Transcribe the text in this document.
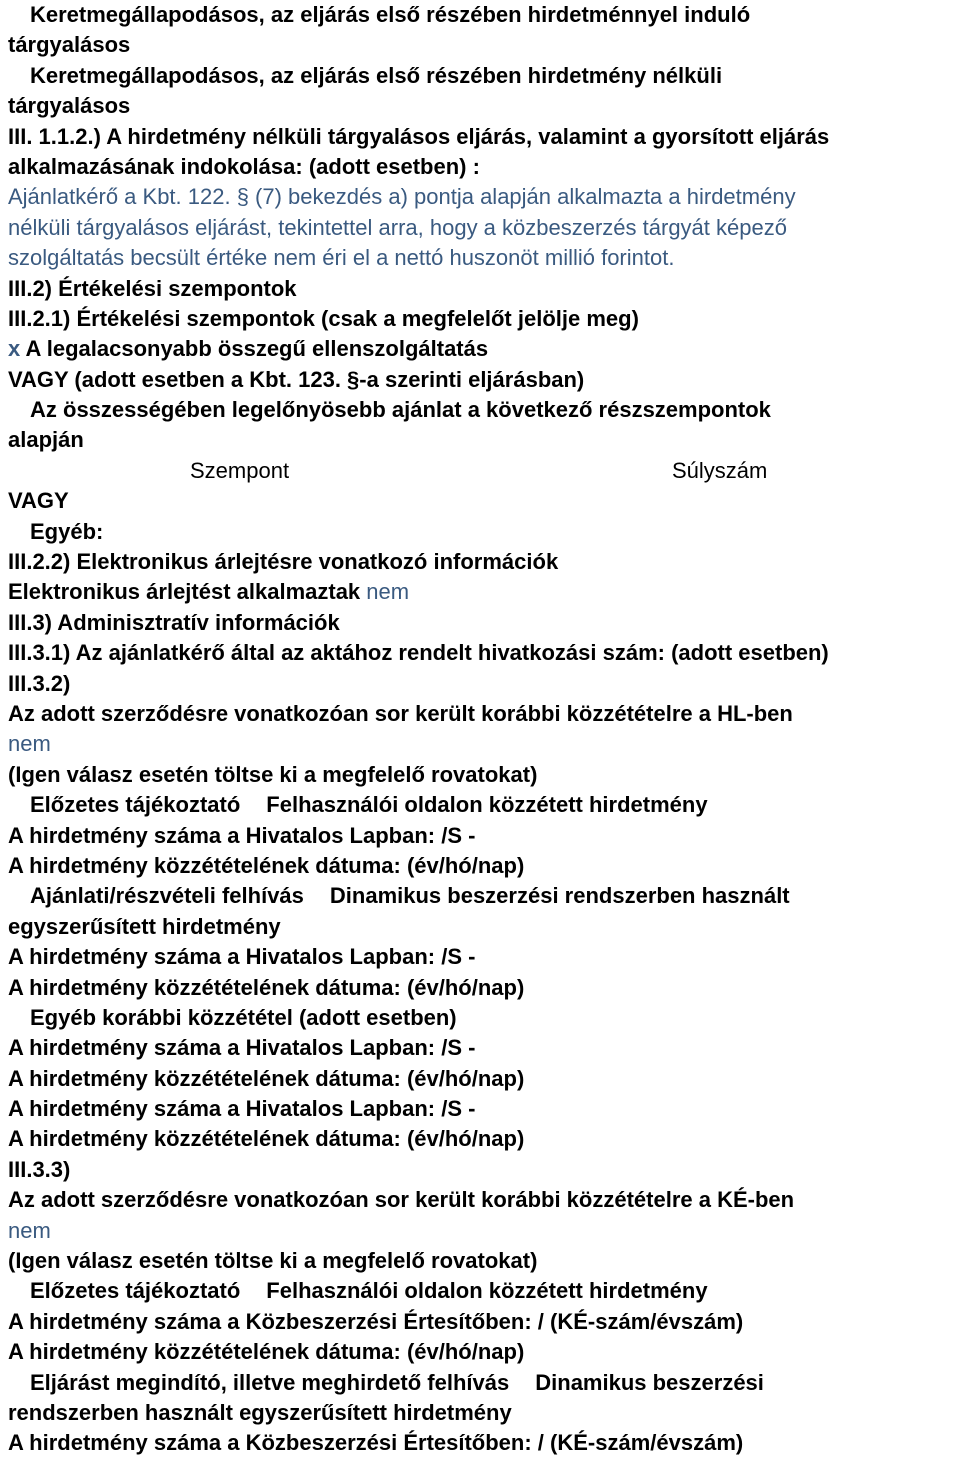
Keretmegállapodásos, az eljárás első részében hirdetménnyel induló
tárgyalásos
Keretmegállapodásos, az eljárás első részében hirdetmény nélküli
tárgyalásos
III. 1.1.2.) A hirdetmény nélküli tárgyalásos eljárás, valamint a gyorsított eljárás
alkalmazásának indokolása: (adott esetben) :
Ajánlatkérő a Kbt. 122. § (7) bekezdés a) pontja alapján alkalmazta a hirdetmény
nélküli tárgyalásos eljárást, tekintettel arra, hogy a közbeszerzés tárgyát képező
szolgáltatás becsült értéke nem éri el a nettó huszonöt millió forintot.
III.2) Értékelési szempontok
III.2.1) Értékelési szempontok (csak a megfelelőt jelölje meg)
x A legalacsonyabb összegű ellenszolgáltatás
VAGY (adott esetben a Kbt. 123. §-a szerinti eljárásban)
Az összességében legelőnyösebb ajánlat a következő részszempontok
alapján
Szempont	Súlyszám
VAGY
Egyéb:
III.2.2) Elektronikus árlejtésre vonatkozó információk
Elektronikus árlejtést alkalmaztak nem
III.3) Adminisztratív információk
III.3.1) Az ajánlatkérő által az aktához rendelt hivatkozási szám: (adott esetben)
III.3.2)
Az adott szerződésre vonatkozóan sor került korábbi közzétételre a HL-ben
nem
(Igen válasz esetén töltse ki a megfelelő rovatokat)
Előzetes tájékoztató Felhasználói oldalon közzétett hirdetmény
A hirdetmény száma a Hivatalos Lapban: /S -
A hirdetmény közzétételének dátuma: (év/hó/nap)
Ajánlati/részvételi felhívás Dinamikus beszerzési rendszerben használt
egyszerűsített hirdetmény
A hirdetmény száma a Hivatalos Lapban: /S -
A hirdetmény közzétételének dátuma: (év/hó/nap)
Egyéb korábbi közzététel (adott esetben)
A hirdetmény száma a Hivatalos Lapban: /S -
A hirdetmény közzétételének dátuma: (év/hó/nap)
A hirdetmény száma a Hivatalos Lapban: /S -
A hirdetmény közzétételének dátuma: (év/hó/nap)
III.3.3)
Az adott szerződésre vonatkozóan sor került korábbi közzétételre a KÉ-ben
nem
(Igen válasz esetén töltse ki a megfelelő rovatokat)
Előzetes tájékoztató Felhasználói oldalon közzétett hirdetmény
A hirdetmény száma a Közbeszerzési Értesítőben: / (KÉ-szám/évszám)
A hirdetmény közzétételének dátuma: (év/hó/nap)
Eljárást megindító, illetve meghirdető felhívás Dinamikus beszerzési
rendszerben használt egyszerűsített hirdetmény
A hirdetmény száma a Közbeszerzési Értesítőben: / (KÉ-szám/évszám)
